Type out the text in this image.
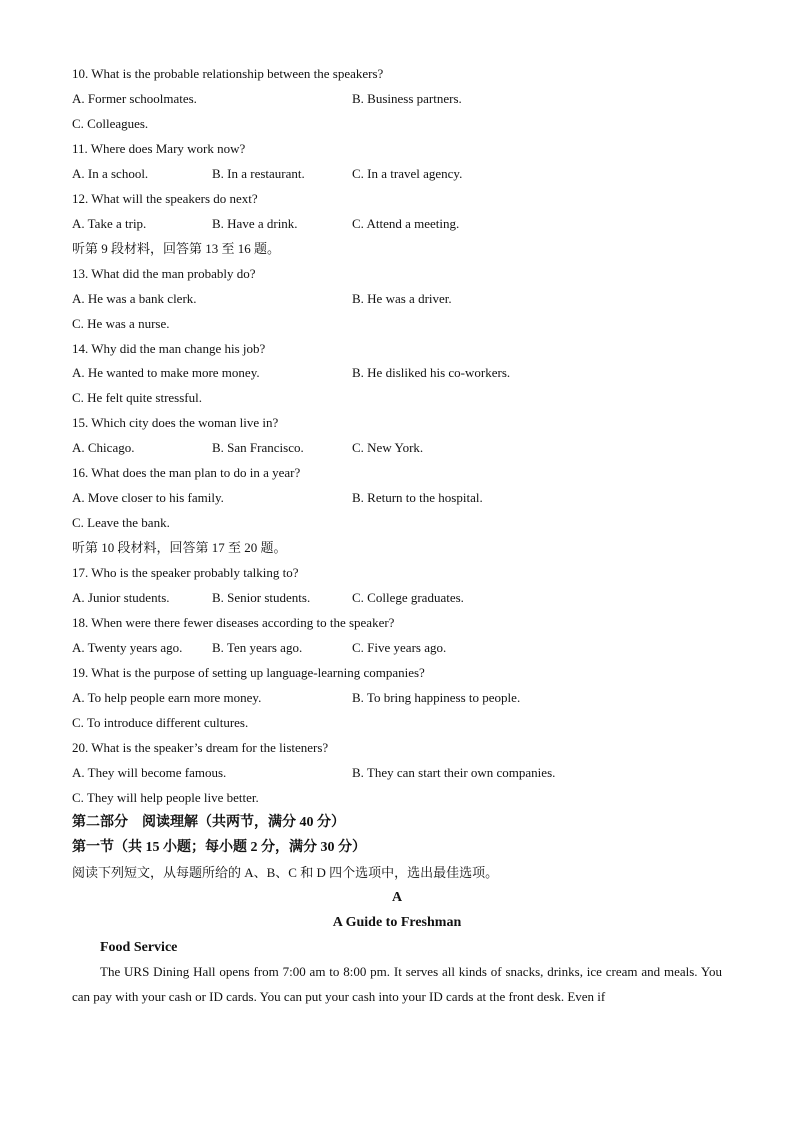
10. What is the probable relationship between the speakers?
A. Former schoolmates.	B. Business partners.
C. Colleagues.
11. Where does Mary work now?
A. In a school.	B. In a restaurant.	C. In a travel agency.
12. What will the speakers do next?
A. Take a trip.	B. Have a drink.	C. Attend a meeting.
听第 9 段材料，回答第 13 至 16 题。
13. What did the man probably do?
A. He was a bank clerk.	B. He was a driver.
C. He was a nurse.
14. Why did the man change his job?
A. He wanted to make more money.	B. He disliked his co-workers.
C. He felt quite stressful.
15. Which city does the woman live in?
A. Chicago.	B. San Francisco.	C. New York.
16. What does the man plan to do in a year?
A. Move closer to his family.	B. Return to the hospital.
C. Leave the bank.
听第 10 段材料，回答第 17 至 20 题。
17. Who is the speaker probably talking to?
A. Junior students.	B. Senior students.	C. College graduates.
18. When were there fewer diseases according to the speaker?
A. Twenty years ago. B. Ten years ago.	C. Five years ago.
19. What is the purpose of setting up language-learning companies?
A. To help people earn more money.	B. To bring happiness to people.
C. To introduce different cultures.
20. What is the speaker’s dream for the listeners?
A. They will become famous.	B. They can start their own companies.
C. They will help people live better.
第二部分　阅读理解（共两节，满分 40 分）
第一节（共 15 小题；每小题 2 分，满分 30 分）
阅读下列短文，从每题所给的 A、B、C 和 D 四个选项中，选出最佳选项。
A
A Guide to Freshman
Food Service
The URS Dining Hall opens from 7:00 am to 8:00 pm. It serves all kinds of snacks, drinks, ice cream and meals. You can pay with your cash or ID cards. You can put your cash into your ID cards at the front desk. Even if
